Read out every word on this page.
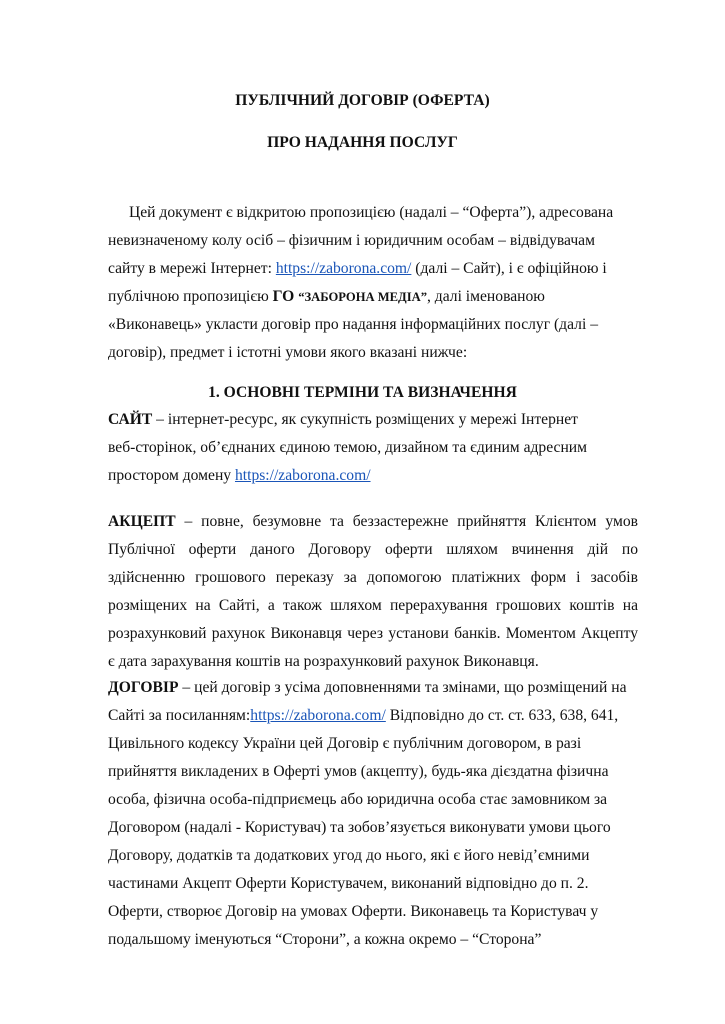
ПУБЛІЧНИЙ ДОГОВІР (ОФЕРТА)

ПРО НАДАННЯ ПОСЛУГ

Цей документ є відкритою пропозицією (надалі – “Оферта”), адресована

невизначеному колу осіб – фізичним і юридичним особам – відвідувачам

сайту в мережі Інтернет: https://zaborona.com/ (далі – Сайт), і є офіційною і

публічною пропозицією ГО “ЗАБОРОНА МЕДІА”, далі іменованою

«Виконавець» укласти договір про надання інформаційних послуг (далі –

договір), предмет і істотні умови якого вказані нижче:

1. ОСНОВНІ ТЕРМІНИ ТА ВИЗНАЧЕННЯ

САЙТ – інтернет-ресурс, як сукупність розміщених у мережі Інтернет

веб-сторінок, об’єднаних єдиною темою, дизайном та єдиним адресним

простором домену https://zaborona.com/

АКЦЕПТ – повне, безумовне та беззастережне прийняття Клієнтом умов

Публічної оферти даного Договору оферти шляхом вчинення дій по

здійсненню грошового переказу за допомогою платіжних форм і засобів

розміщених на Сайті, а також шляхом перерахування грошових коштів на

розрахунковий рахунок Виконавця через установи банків. Моментом Акцепту

є дата зарахування коштів на розрахунковий рахунок Виконавця.

ДОГОВІР – цей договір з усіма доповненнями та змінами, що розміщений на

Сайті за посиланням:https://zaborona.com/ Відповідно до ст. ст. 633, 638, 641,

Цивільного кодексу України цей Договір є публічним договором, в разі

прийняття викладених в Оферті умов (акцепту), будь-яка дієздатна фізична

особа, фізична особа-підприємець або юридична особа стає замовником за

Договором (надалі - Користувач) та зобов’язується виконувати умови цього

Договору, додатків та додаткових угод до нього, які є його невід’ємними

частинами Акцепт Оферти Користувачем, виконаний відповідно до п. 2.

Оферти, створює Договір на умовах Оферти. Виконавець та Користувач у

подальшому іменуються “Сторони”, а кожна окремо – “Сторона”
